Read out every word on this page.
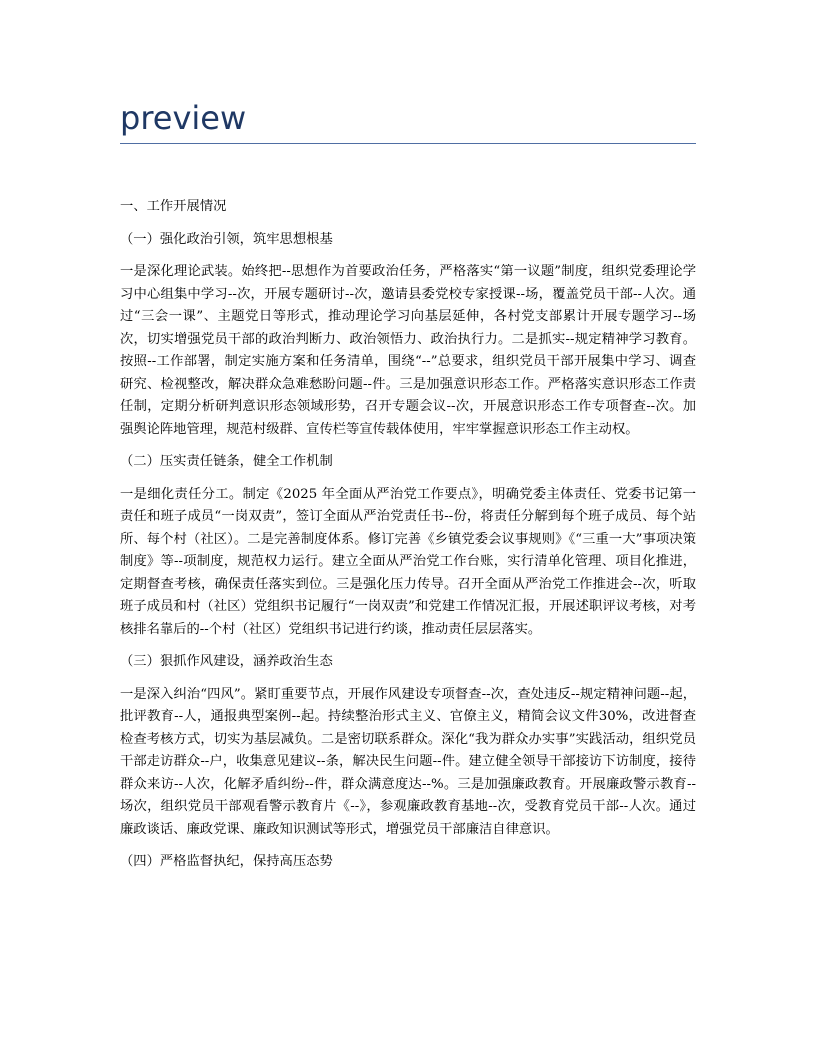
preview

一、工作开展情况

（一）强化政治引领，筑牢思想根基

一是深化理论武装。始终把--思想作为首要政治任务，严格落实“第一议题”制度，组织党委理论学习中心组集中学习--次，开展专题研讨--次，邀请县委党校专家授课--场，覆盖党员干部--人次。通过“三会一课”、主题党日等形式，推动理论学习向基层延伸，各村党支部累计开展专题学习--场次，切实增强党员干部的政治判断力、政治领悟力、政治执行力。二是抓实--规定精神学习教育。按照--工作部署，制定实施方案和任务清单，围绕“--”总要求，组织党员干部开展集中学习、调查研究、检视整改，解决群众急难愁盼问题--件。三是加强意识形态工作。严格落实意识形态工作责任制，定期分析研判意识形态领域形势，召开专题会议--次，开展意识形态工作专项督查--次。加强舆论阵地管理，规范村级群、宣传栏等宣传载体使用，牢牢掌握意识形态工作主动权。

（二）压实责任链条，健全工作机制

一是细化责任分工。制定《2025 年全面从严治党工作要点》，明确党委主体责任、党委书记第一责任和班子成员“一岗双责”，签订全面从严治党责任书--份，将责任分解到每个班子成员、每个站所、每个村（社区）。二是完善制度体系。修订完善《乡镇党委会议事规则》《“三重一大”事项决策制度》等--项制度，规范权力运行。建立全面从严治党工作台账，实行清单化管理、项目化推进，定期督查考核，确保责任落实到位。三是强化压力传导。召开全面从严治党工作推进会--次，听取班子成员和村（社区）党组织书记履行“一岗双责”和党建工作情况汇报，开展述职评议考核，对考核排名靠后的--个村（社区）党组织书记进行约谈，推动责任层层落实。

（三）狠抓作风建设，涵养政治生态

一是深入纠治“四风”。紧盯重要节点，开展作风建设专项督查--次，查处违反--规定精神问题--起，批评教育--人，通报典型案例--起。持续整治形式主义、官僚主义，精简会议文件30%，改进督查检查考核方式，切实为基层减负。二是密切联系群众。深化“我为群众办实事”实践活动，组织党员干部走访群众--户，收集意见建议--条，解决民生问题--件。建立健全领导干部接访下访制度，接待群众来访--人次，化解矛盾纠纷--件，群众满意度达--%。三是加强廉政教育。开展廉政警示教育--场次，组织党员干部观看警示教育片《--》，参观廉政教育基地--次，受教育党员干部--人次。通过廉政谈话、廉政党课、廉政知识测试等形式，增强党员干部廉洁自律意识。

（四）严格监督执纪，保持高压态势
